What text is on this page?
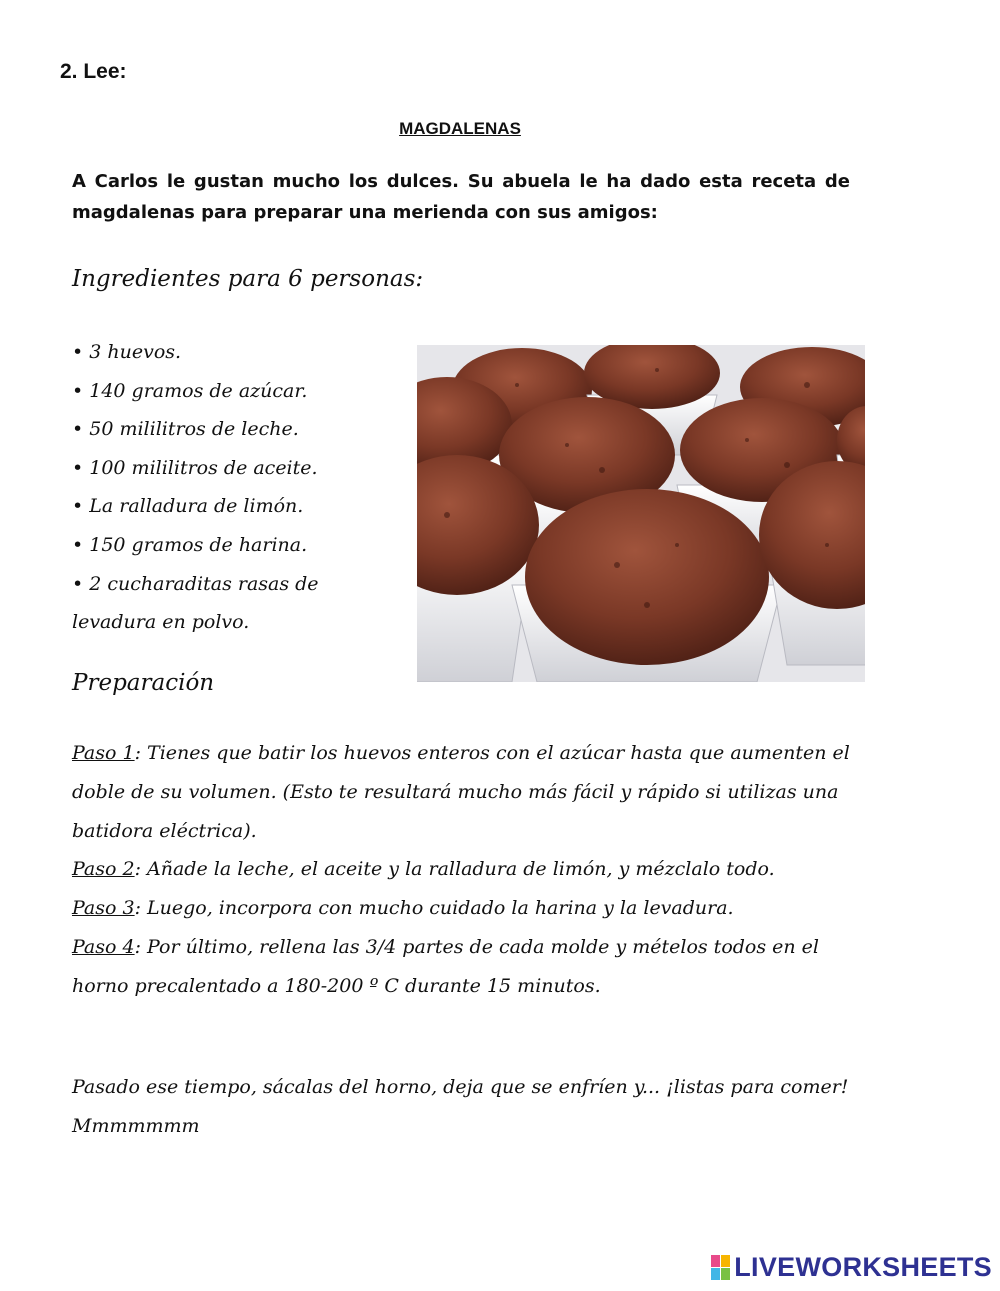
2. Lee:
MAGDALENAS
A Carlos le gustan mucho los dulces. Su abuela le ha dado esta receta de magdalenas para preparar una merienda con sus amigos:
Ingredientes para 6 personas:
• 3 huevos.
• 140 gramos de azúcar.
• 50 mililitros de leche.
• 100 mililitros de aceite.
• La ralladura de limón.
• 150 gramos de harina.
• 2 cucharaditas rasas de levadura en polvo.
Preparación

Paso 1: Tienes que batir los huevos enteros con el azúcar hasta que aumenten el doble de su volumen. (Esto te resultará mucho más fácil y rápido si utilizas una batidora eléctrica).

Paso 2: Añade la leche, el aceite y la ralladura de limón, y mézclalo todo.

Paso 3: Luego, incorpora con mucho cuidado la harina y la levadura.

Paso 4: Por último, rellena las 3/4 partes de cada molde y mételos todos en el horno precalentado a 180-200 º C durante 15 minutos.

Pasado ese tiempo, sácalas del horno, deja que se enfríen y... ¡listas para comer! Mmmmmmm

LIVEWORKSHEETS
